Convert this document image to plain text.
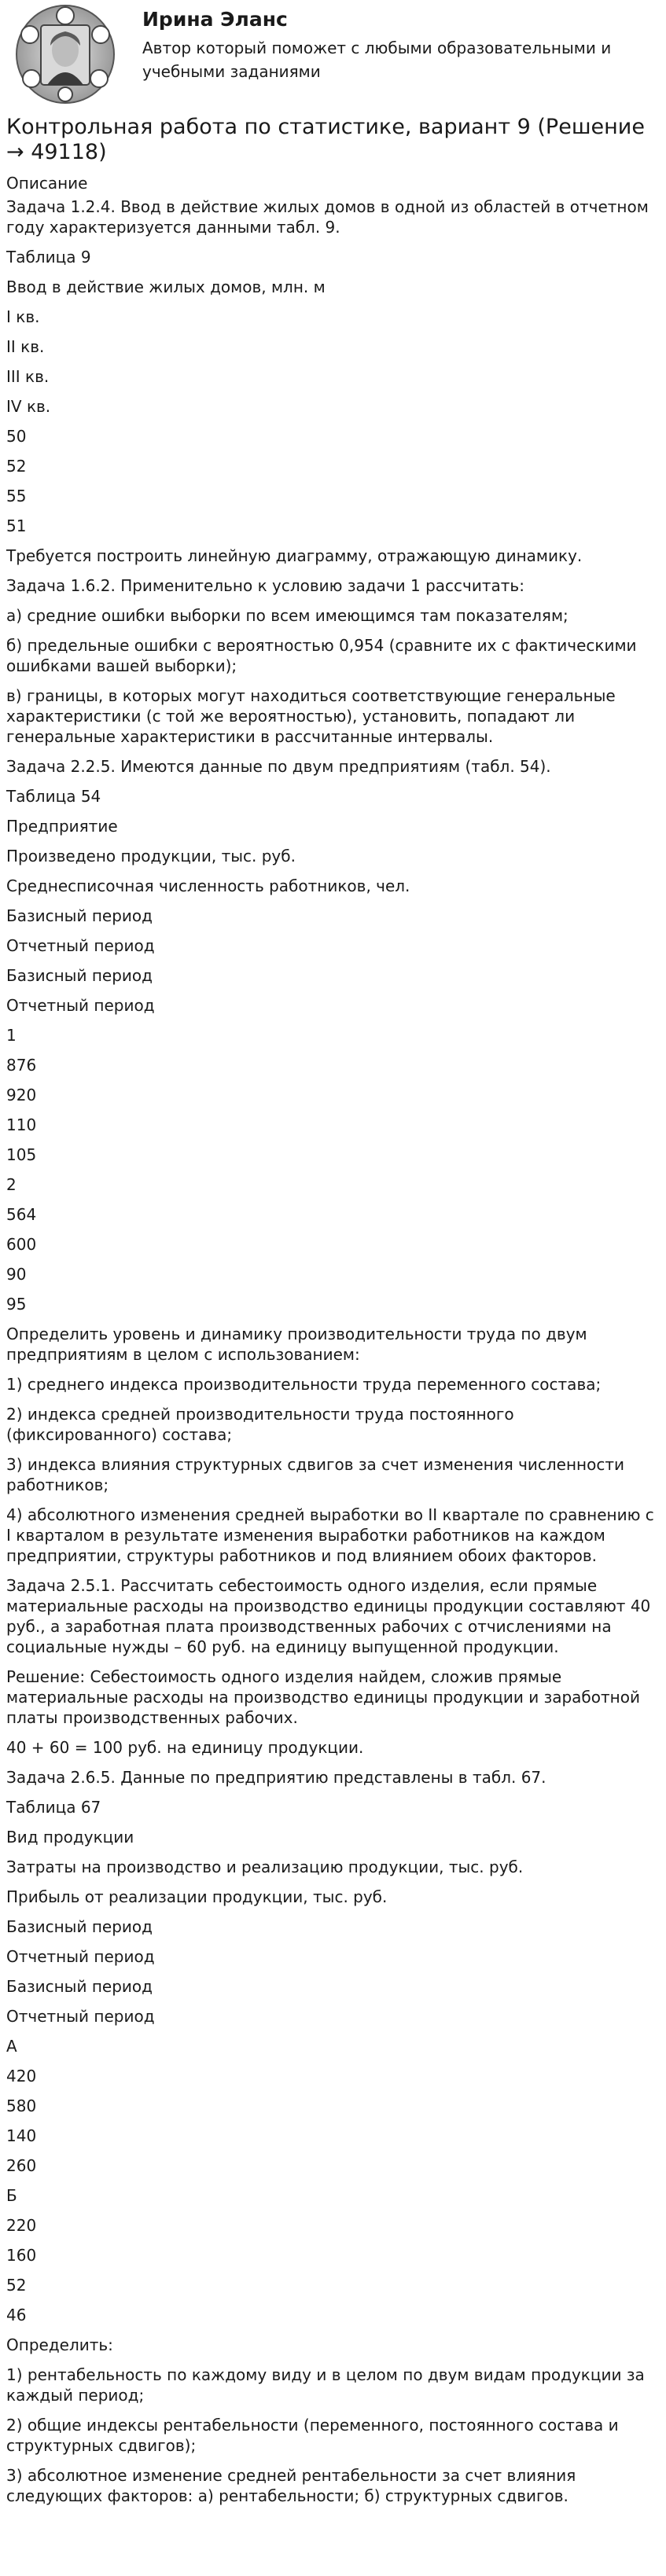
Ирина Эланс

Автор который поможет с любыми образовательными и учебными заданиями

Контрольная работа по статистике, вариант 9 (Решение → 49118)
Описание

Задача 1.2.4. Ввод в действие жилых домов в одной из областей в отчетном году характеризуется данными табл. 9.

Таблица 9

Ввод в действие жилых домов, млн. м

I кв.

II кв.

III кв.

IV кв.

50

52

55

51

Требуется построить линейную диаграмму, отражающую динамику.

Задача 1.6.2. Применительно к условию задачи 1 рассчитать:

а) средние ошибки выборки по всем имеющимся там показателям;

б) предельные ошибки с вероятностью 0,954 (сравните их с фактическими ошибками вашей выборки);

в) границы, в которых могут находиться соответствующие генеральные характеристики (с той же вероятностью), установить, попадают ли генеральные характеристики в рассчитанные интервалы.

Задача 2.2.5. Имеются данные по двум предприятиям (табл. 54).

Таблица 54

Предприятие

Произведено продукции, тыс. руб.

Среднесписочная численность работников, чел.

Базисный период

Отчетный период

Базисный период

Отчетный период

1

876

920

110

105

2

564

600

90

95

Определить уровень и динамику производительности труда по двум предприятиям в целом с использованием:

1) среднего индекса производительности труда переменного состава;

2) индекса средней производительности труда постоянного (фиксированного) состава;

3) индекса влияния структурных сдвигов за счет изменения численности работников;

4) абсолютного изменения средней выработки во II квартале по сравнению с I кварталом в результате изменения выработки работников на каждом предприятии, структуры работников и под влиянием обоих факторов.

Задача 2.5.1. Рассчитать себестоимость одного изделия, если прямые материальные расходы на производство единицы продукции составляют 40 руб., а заработная плата производственных рабочих с отчислениями на социальные нужды – 60 руб. на единицу выпущенной продукции.

Решение: Себестоимость одного изделия найдем, сложив прямые материальные расходы на производство единицы продукции и заработной платы производственных рабочих.

40 + 60 = 100 руб. на единицу продукции.

Задача 2.6.5. Данные по предприятию представлены в табл. 67.

Таблица 67

Вид продукции

Затраты на производство и реализацию продукции, тыс. руб.

Прибыль от реализации продукции, тыс. руб.

Базисный период

Отчетный период

Базисный период

Отчетный период

А

420

580

140

260

Б

220

160

52

46

Определить:

1) рентабельность по каждому виду и в целом по двум видам продукции за каждый период;

2) общие индексы рентабельности (переменного, постоянного состава и структурных сдвигов);

3) абсолютное изменение средней рентабельности за счет влияния следующих факторов: а) рентабельности; б) структурных сдвигов.
